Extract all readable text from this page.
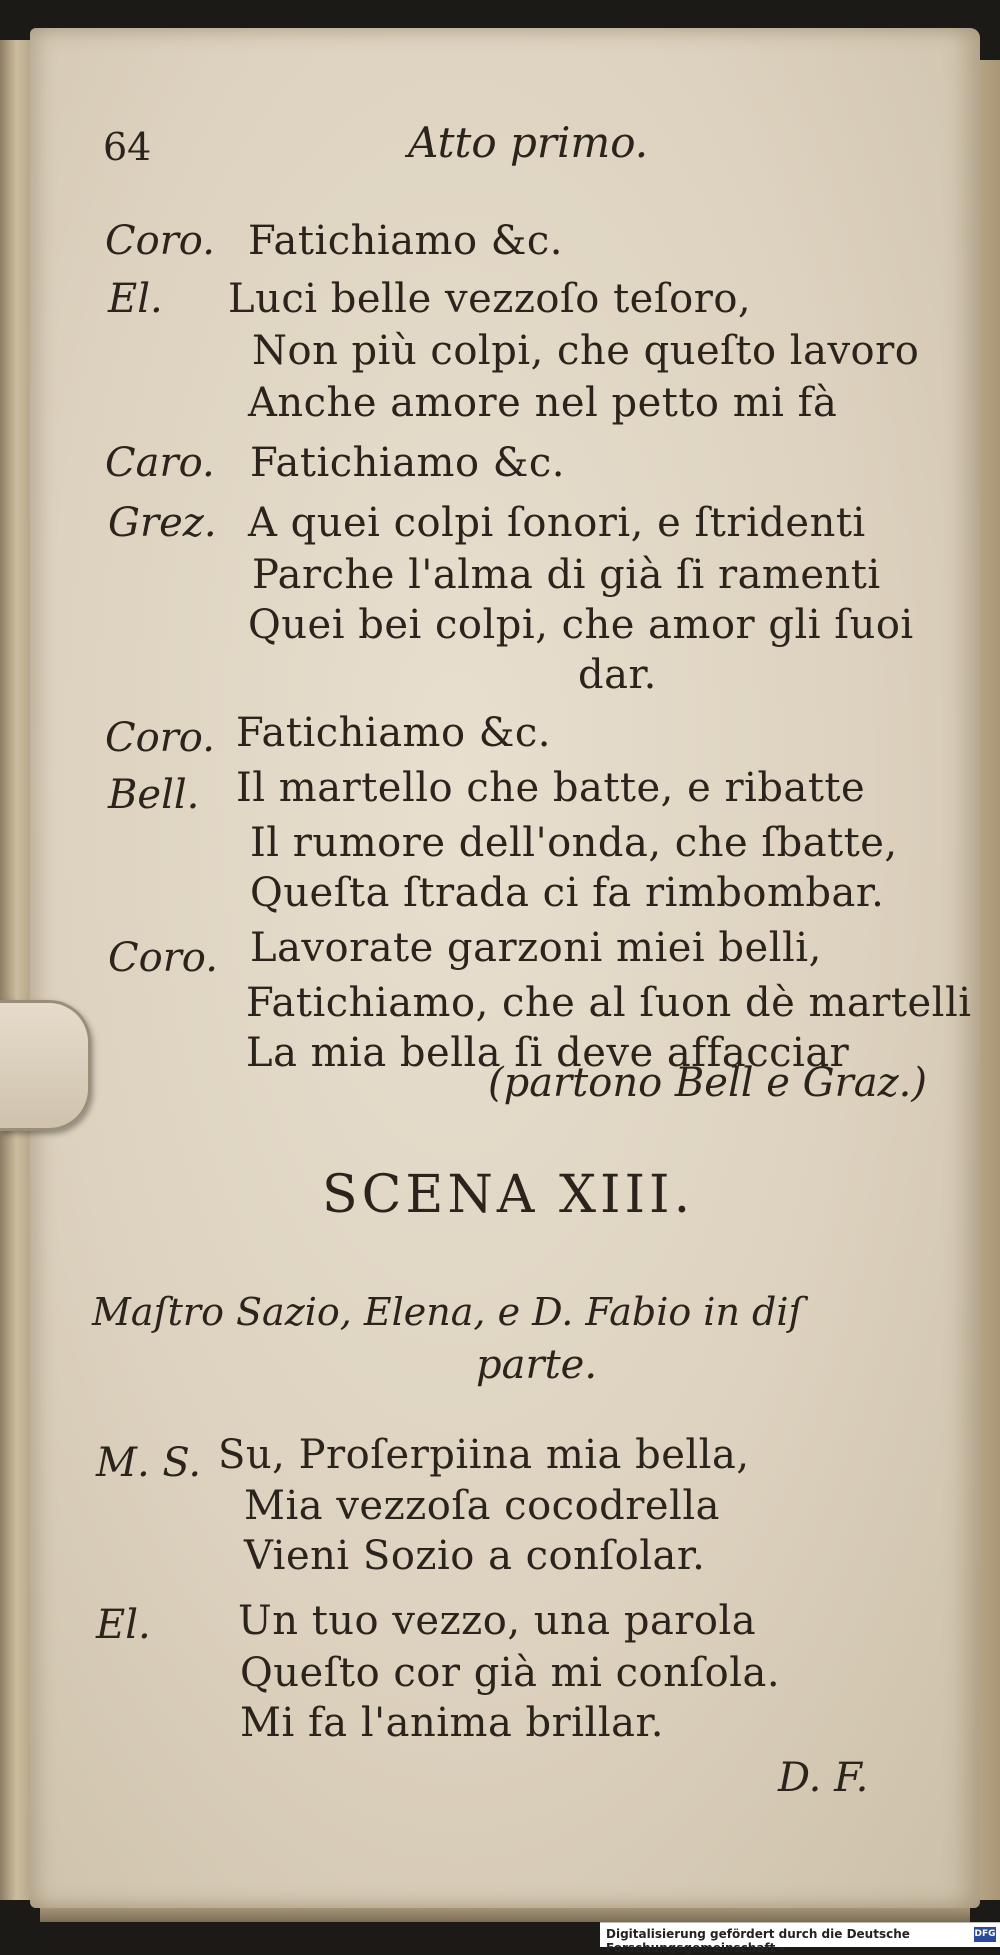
64	Atto primo.
Coro. Fatichiamo &c.
El. Luci belle vezzoſo teſoro,
Non più colpi, che queſto lavoro
Anche amore nel petto mi fà
Caro. Fatichiamo &c.
Grez. A quei colpi ſonori, e ſtridenti
Parche l'alma di già ſi ramenti
Quei bei colpi, che amor gli ſuoi
dar.
Coro. Fatichiamo &c.
Bell. Il martello che batte, e ribatte
Il rumore dell'onda, che ſbatte,
Queſta ſtrada ci fa rimbombar.
Coro. Lavorate garzoni miei belli,
Fatichiamo, che al ſuon dè martelli
La mia bella ſi deve affacciar
(partono Bell e Graz.)
SCENA XIII.
Maſtro Sazio, Elena, e D. Fabio in diſ
parte.
M. S. Su, Proſerpiina mia bella,
Mia vezzoſa cocodrella
Vieni Sozio a conſolar.
El. Un tuo vezzo, una parola
Queſto cor già mi conſola.
Mi fa l'anima brillar.
D. F.
Digitalisierung gefördert durch die Deutsche Forschungsgemeinschaft -
DFG
